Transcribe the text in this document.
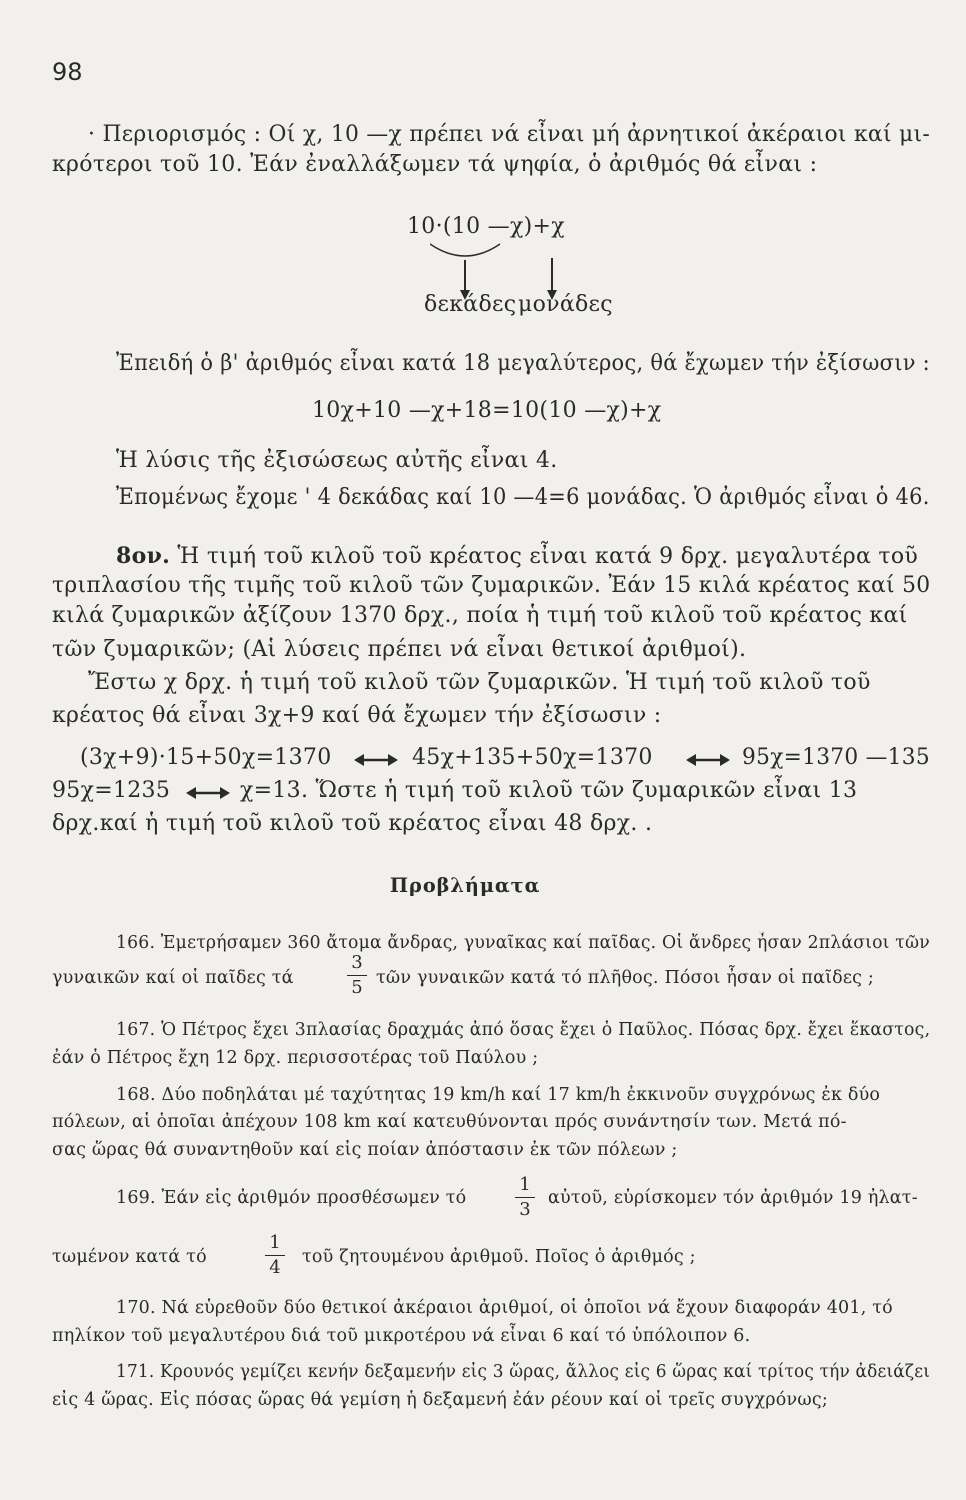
98
· Περιορισμός : Οί χ, 10 —χ πρέπει νά εἶναι μή ἀρνητικοί ἀκέραιοι καί μι-
κρότεροι τοῦ 10. Ἐάν ἐναλλάξωμεν τά ψηφία, ὁ ἀριθμός θά εἶναι :
10·(10 —χ)+χ
δεκάδες μονάδες
Ἐπειδή ὁ β' ἀριθμός εἶναι κατά 18 μεγαλύτερος, θά ἔχωμεν τήν ἐξίσωσιν :
10χ+10 —χ+18=10(10 —χ)+χ
Ἡ λύσις τῆς ἐξισώσεως αὐτῆς εἶναι 4.
Ἐπομένως ἔχομε ' 4 δεκάδας καί 10 —4=6 μονάδας. Ὁ ἀριθμός εἶναι ὁ 46.
8ον. Ἡ τιμή τοῦ κιλοῦ τοῦ κρέατος εἶναι κατά 9 δρχ. μεγαλυτέρα τοῦ
τριπλασίου τῆς τιμῆς τοῦ κιλοῦ τῶν ζυμαρικῶν. Ἐάν 15 κιλά κρέατος καί 50
κιλά ζυμαρικῶν ἀξίζουν 1370 δρχ., ποία ἡ τιμή τοῦ κιλοῦ τοῦ κρέατος καί
τῶν ζυμαρικῶν; (Αἱ λύσεις πρέπει νά εἶναι θετικοί ἀριθμοί).
Ἔστω χ δρχ. ἡ τιμή τοῦ κιλοῦ τῶν ζυμαρικῶν. Ἡ τιμή τοῦ κιλοῦ τοῦ
κρέατος θά εἶναι 3χ+9 καί θά ἔχωμεν τήν ἐξίσωσιν :
(3χ+9)·15+50χ=1370	45χ+135+50χ=1370	95χ=1370 —135
95χ=1235	χ=13. Ὥστε ἡ τιμή τοῦ κιλοῦ τῶν ζυμαρικῶν εἶναι 13
δρχ.καί ἡ τιμή τοῦ κιλοῦ τοῦ κρέατος εἶναι 48 δρχ. .
Προβλήματα
166. Ἐμετρήσαμεν 360 ἄτομα ἄνδρας, γυναῖκας καί παῖδας. Οἱ ἄνδρες ἦσαν 2πλάσιοι τῶν
γυναικῶν καί οἱ παῖδες τά
3
5 τῶν γυναικῶν κατά τό πλῆθος. Πόσοι ἦσαν οἱ παῖδες ;
167. Ὁ Πέτρος ἔχει 3πλασίας δραχμάς ἀπό ὅσας ἔχει ὁ Παῦλος. Πόσας δρχ. ἔχει ἕκαστος,
ἐάν ὁ Πέτρος ἔχη 12 δρχ. περισσοτέρας τοῦ Παύλου ;
168. Δύο ποδηλάται μέ ταχύτητας 19 km/h καί 17 km/h ἐκκινοῦν συγχρόνως ἐκ δύο
πόλεων, αἱ ὁποῖαι ἀπέχουν 108 km καί κατευθύνονται πρός συνάντησίν των. Μετά πό-
σας ὥρας θά συναντηθοῦν καί εἰς ποίαν ἀπόστασιν ἐκ τῶν πόλεων ;
169. Ἐάν εἰς ἀριθμόν προσθέσωμεν τό
1
3
αὐτοῦ, εὑρίσκομεν τόν ἀριθμόν 19 ἠλατ-
τωμένον κατά τό
1
4 τοῦ ζητουμένου ἀριθμοῦ. Ποῖος ὁ ἀριθμός ;
170. Νά εὑρεθοῦν δύο θετικοί ἀκέραιοι ἀριθμοί, οἱ ὁποῖοι νά ἔχουν διαφοράν 401, τό
πηλίκον τοῦ μεγαλυτέρου διά τοῦ μικροτέρου νά εἶναι 6 καί τό ὑπόλοιπον 6.
171. Κρουνός γεμίζει κενήν δεξαμενήν εἰς 3 ὥρας, ἄλλος εἰς 6 ὥρας καί τρίτος τήν ἀδειάζει
εἰς 4 ὥρας. Εἰς πόσας ὥρας θά γεμίση ἡ δεξαμενή ἐάν ρέουν καί οἱ τρεῖς συγχρόνως;
